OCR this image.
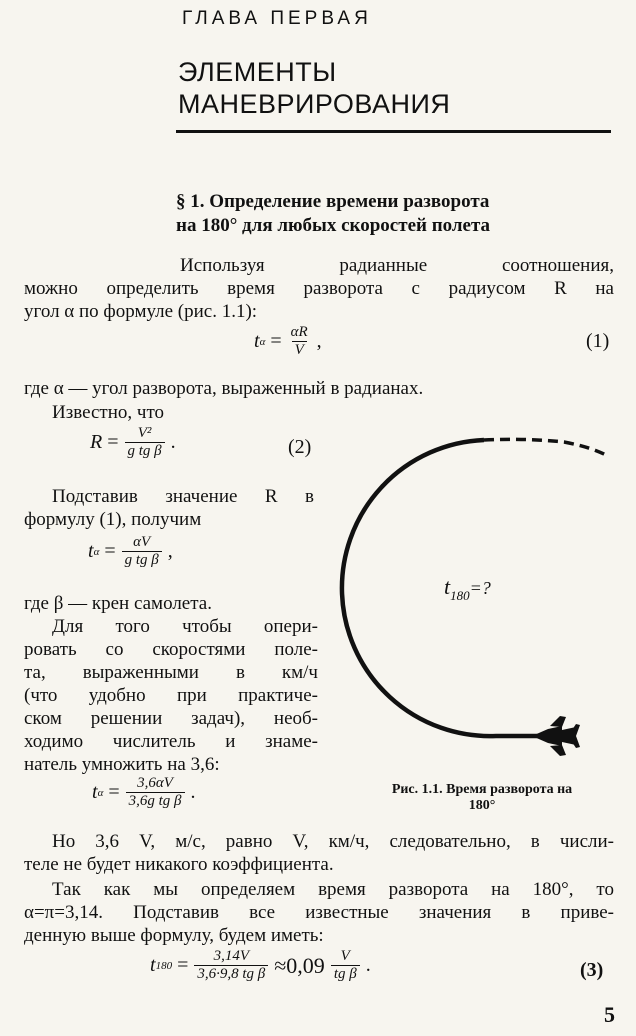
ГЛАВА ПЕРВАЯ
ЭЛЕМЕНТЫ
МАНЕВРИРОВАНИЯ
§ 1. Определение времени разворота
на 180° для любых скоростей полета
Используя радианные соотношения,
можно определить время разворота с радиусом R на
угол α по формуле (рис. 1.1):
t $\alpha = \frac{\alpha R}{V}$ ,	(1)
где α — угол разворота, выраженный в радианах.
Известно, что
$R = \frac{\text{V²}}{\text{g tg β}}$ .	(2)
Подставив значение R в
формулу (1), получим
t $\alpha = \frac{\alpha V}{\text{g tg β}}$ ,
где β — крен самолета.
Для того чтобы опери-
ровать со скоростями поле-
та, выраженными в км/ч
(что удобно при практиче-
ском решении задач), необ-
ходимо числитель и знаме-
натель умножить на 3,6:
t $\alpha = \frac{3,6\alpha V}{\text{3,6g tg β}}$ .
$t_{180}^{=?}$
Рис. 1.1. Время разворота на
180°
Но 3,6 V, м/с, равно V, км/ч, следовательно, в числи-
теле не будет никакого коэффициента.
Так как мы определяем время разворота на 180°, то
α=π=3,14. Подставив все известные значения в приве-
денную выше формулу, будем иметь:
t $180 = \frac{3,14V}{\text{3,6·9,8 tg β}} \approx 0,09 \frac{V}{\text{tg β}}$ .	(3)
5
